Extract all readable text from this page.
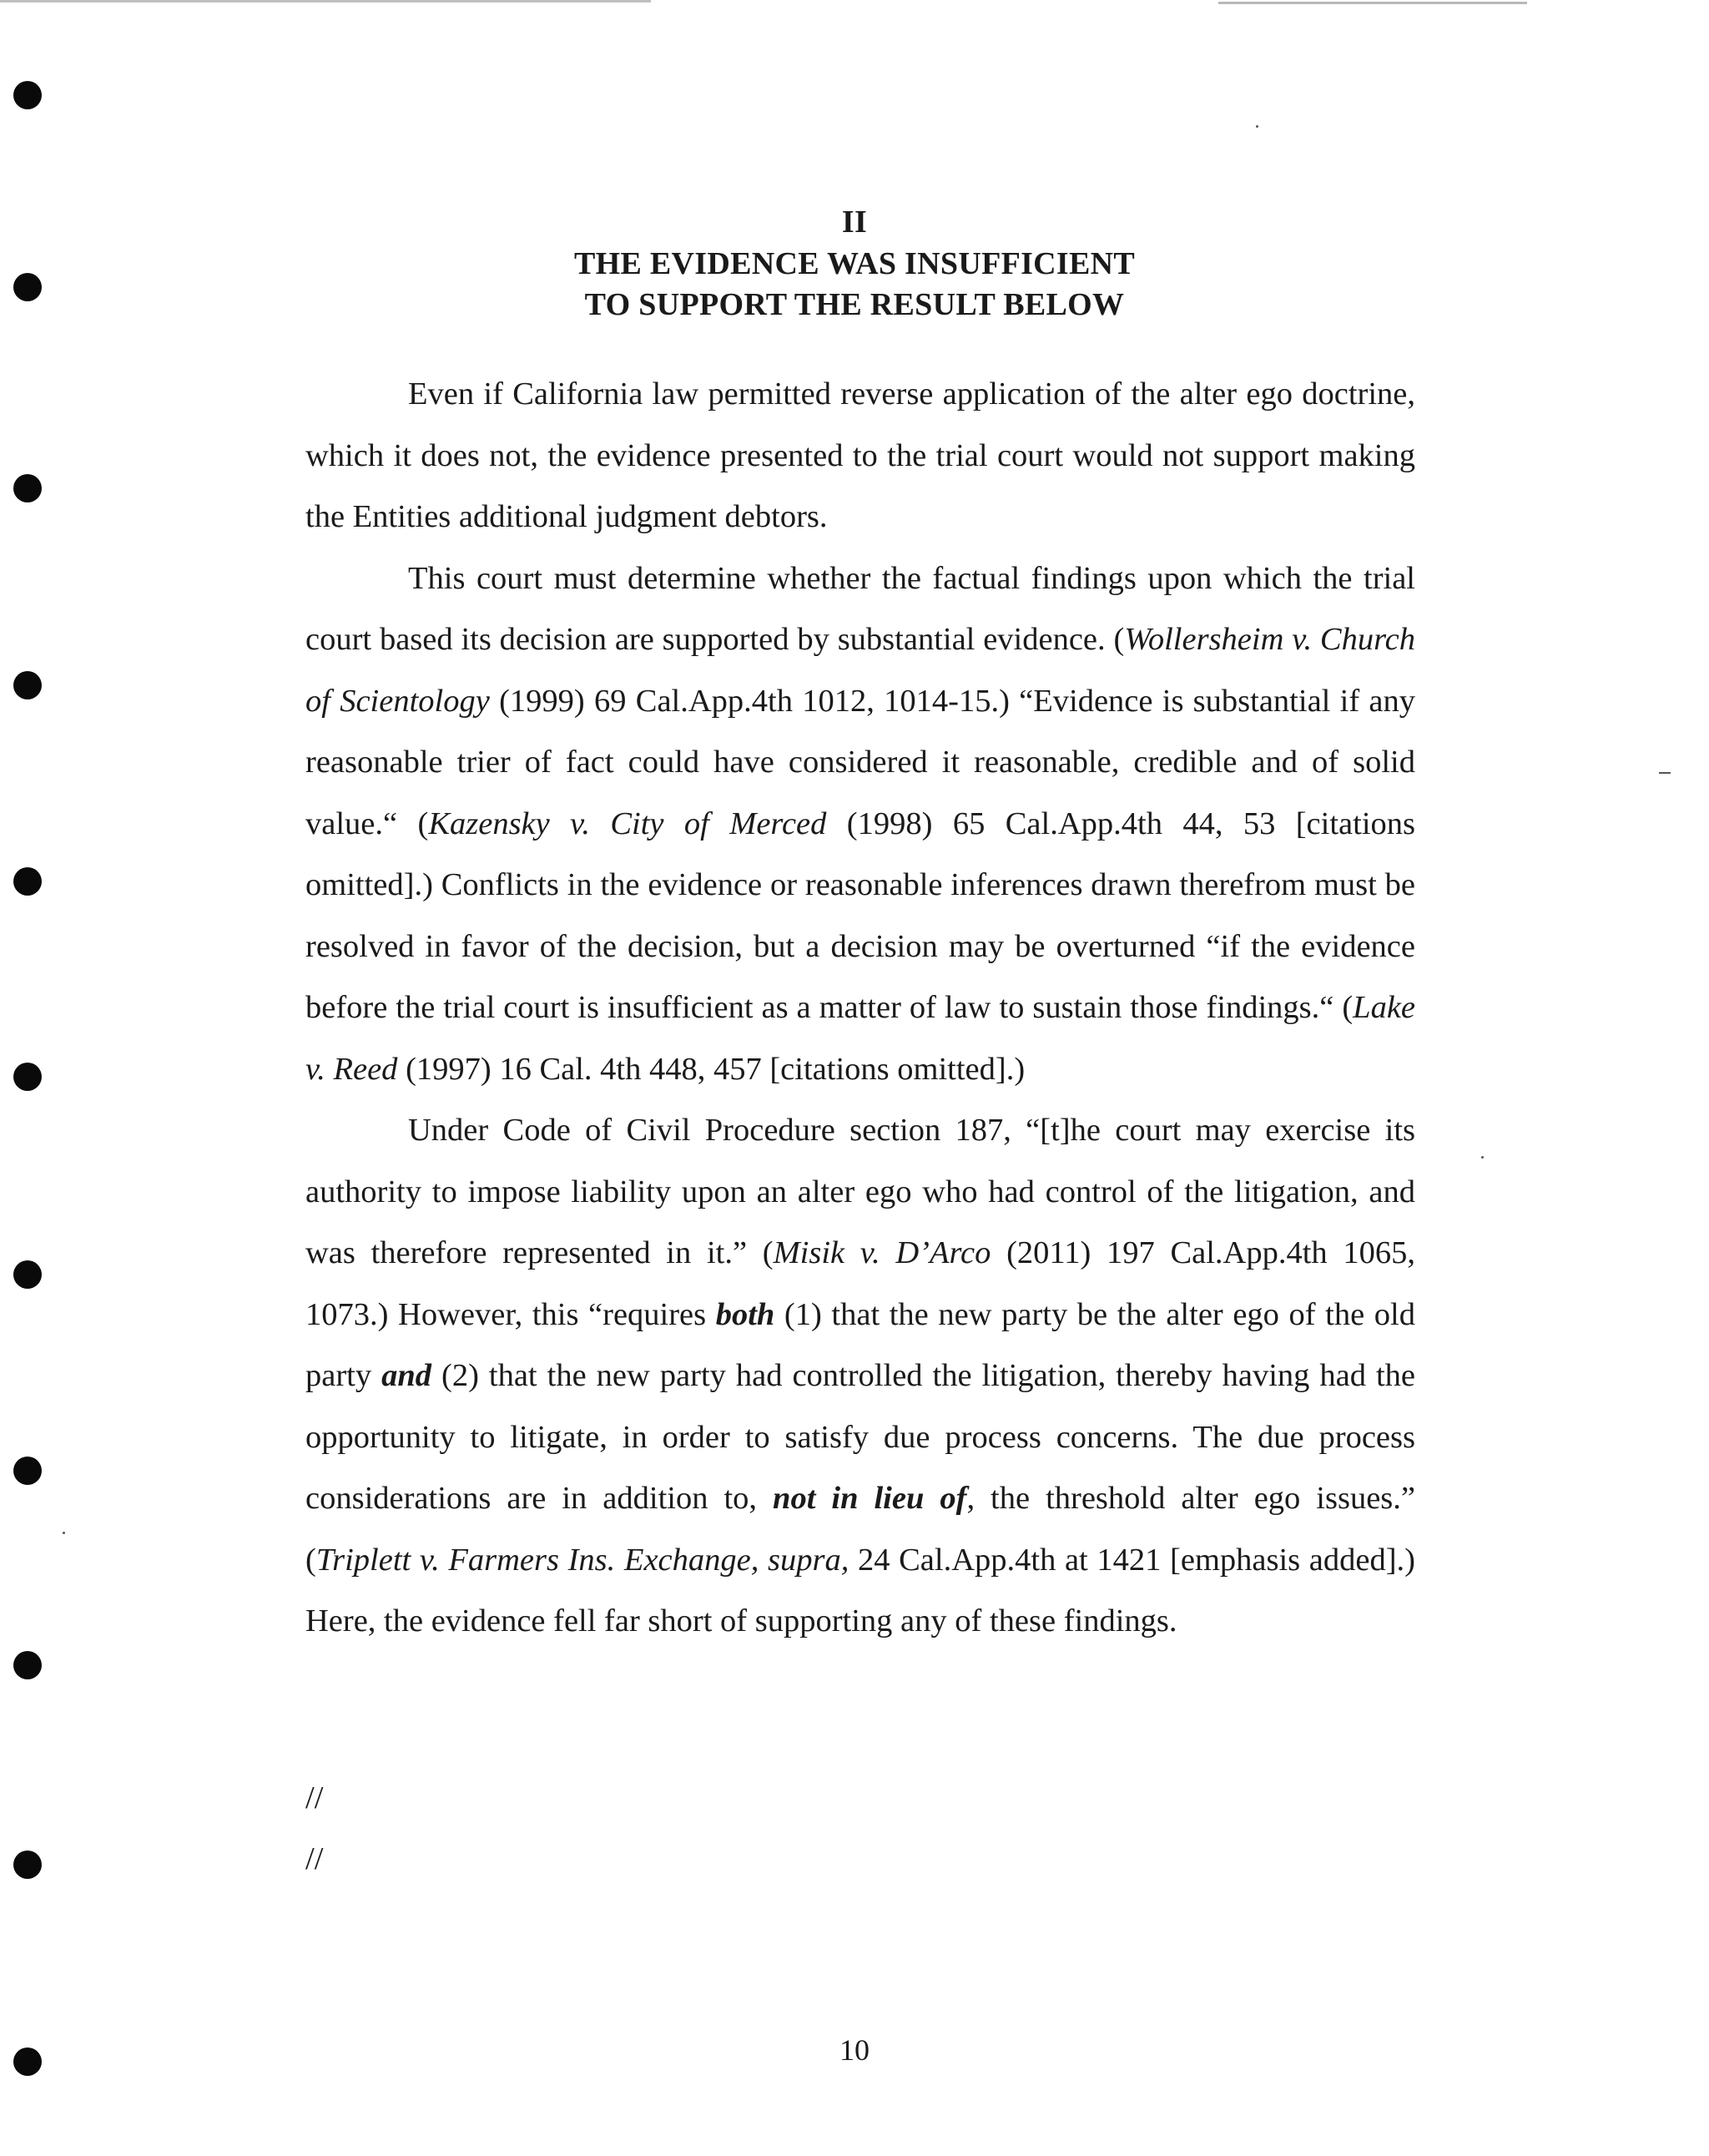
II
THE EVIDENCE WAS INSUFFICIENT
TO SUPPORT THE RESULT BELOW

Even if California law permitted reverse application of the alter ego doctrine, which it does not, the evidence presented to the trial court would not support making the Entities additional judgment debtors.

This court must determine whether the factual findings upon which the trial court based its decision are supported by substantial evidence. (Wollersheim v. Church of Scientology (1999) 69 Cal.App.4th 1012, 1014-15.) “Evidence is substantial if any reasonable trier of fact could have considered it reasonable, credible and of solid value.“ (Kazensky v. City of Merced (1998) 65 Cal.App.4th 44, 53 [citations omitted].) Conflicts in the evidence or reasonable inferences drawn therefrom must be resolved in favor of the decision, but a decision may be overturned “if the evidence before the trial court is insufficient as a matter of law to sustain those findings.“ (Lake v. Reed (1997) 16 Cal. 4th 448, 457 [citations omitted].)

Under Code of Civil Procedure section 187, “[t]he court may exercise its authority to impose liability upon an alter ego who had control of the litigation, and was therefore represented in it.” (Misik v. D’Arco (2011) 197 Cal.App.4th 1065, 1073.) However, this “requires both (1) that the new party be the alter ego of the old party and (2) that the new party had controlled the litigation, thereby having had the opportunity to litigate, in order to satisfy due process concerns. The due process considerations are in addition to, not in lieu of, the threshold alter ego issues.” (Triplett v. Farmers Ins. Exchange, supra, 24 Cal.App.4th at 1421 [emphasis added].) Here, the evidence fell far short of supporting any of these findings.

//
//
10
